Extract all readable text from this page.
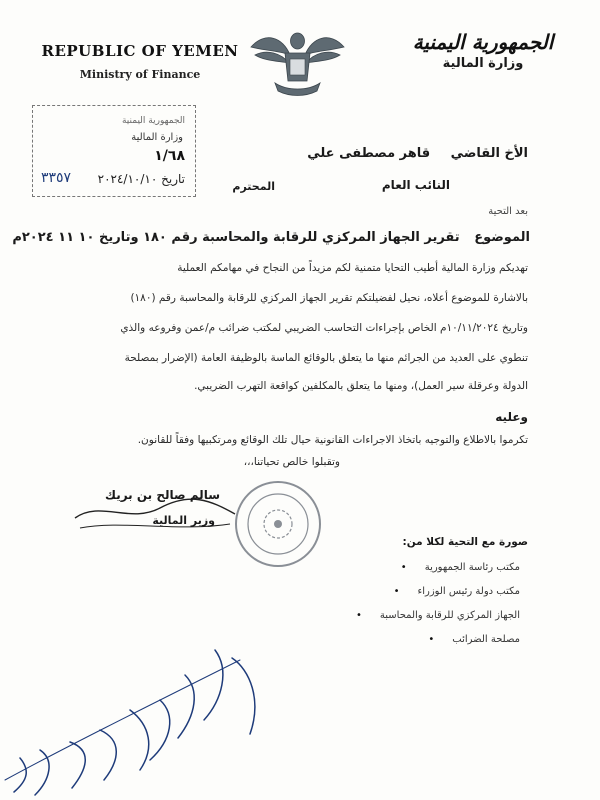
REPUBLIC OF YEMEN
Ministry of Finance
الجمهورية اليمنية
وزارة المالية
الجمهورية اليمنية
وزارة المالية
١/٦٨
تاريخ ٢٠٢٤/١٠/١٠
٣٣٥٧
الأخ القاضي قاهر مصطفى علي
النائب العام
المحترم
بعد التحية
الموضوع تقرير الجهاز المركزي للرقابة والمحاسبة رقم ١٨٠ وتاريخ ١٠ ١١ ٢٠٢٤م
تهديكم وزارة المالية أطيب التحايا متمنية لكم مزيداً من النجاح في مهامكم العملية
بالاشارة للموضوع أعلاه، نحيل لفضيلتكم تقرير الجهاز المركزي للرقابة والمحاسبة رقم (١٨٠)
وتاريخ ١٠/١١/٢٠٢٤م الخاص بإجراءات التحاسب الضريبي لمكتب ضرائب م/عمن وفروعه والذي
تنطوي على العديد من الجرائم منها ما يتعلق بالوقائع الماسة بالوظيفة العامة (الإضرار بمصلحة
الدولة وعرقلة سير العمل)، ومنها ما يتعلق بالمكلفين كواقعة التهرب الضريبي.
وعليه
تكرموا بالاطلاع والتوجيه باتخاذ الاجراءات القانونية حيال تلك الوقائع ومرتكبيها وفقاً للقانون.
وتقبلوا خالص تحياتنا،،،
سالم صالح بن بريك
وزير المالية
صورة مع التحية لكلا من:
مكتب رئاسة الجمهورية •
مكتب دولة رئيس الوزراء •
الجهاز المركزي للرقابة والمحاسبة •
مصلحة الضرائب •
